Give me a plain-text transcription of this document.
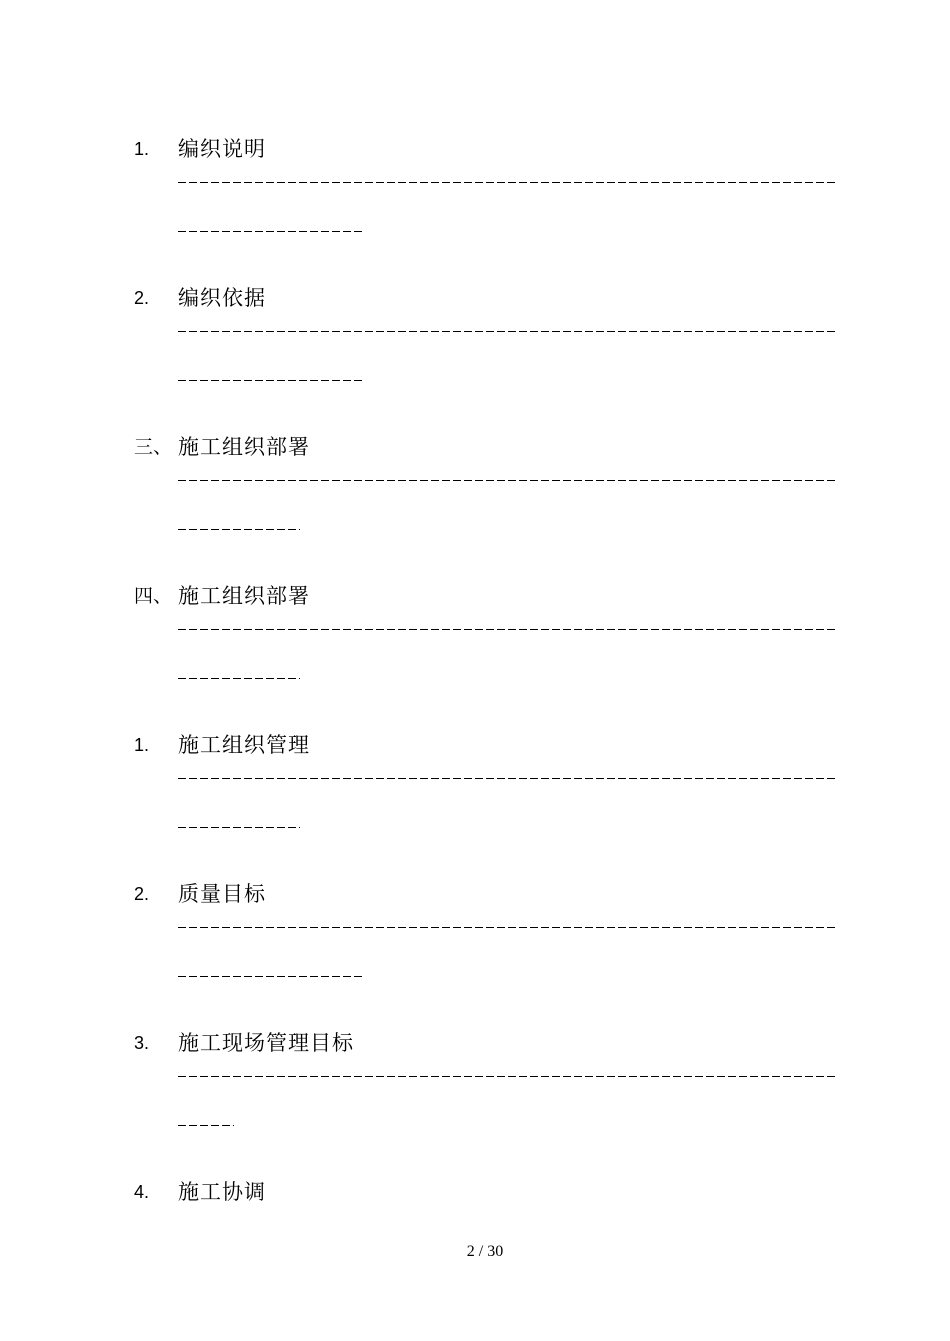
1. 编织说明
2. 编织依据
三、 施工组织部署
四、 施工组织部署
1. 施工组织管理
2. 质量目标
3. 施工现场管理目标
4. 施工协调
2 / 30
